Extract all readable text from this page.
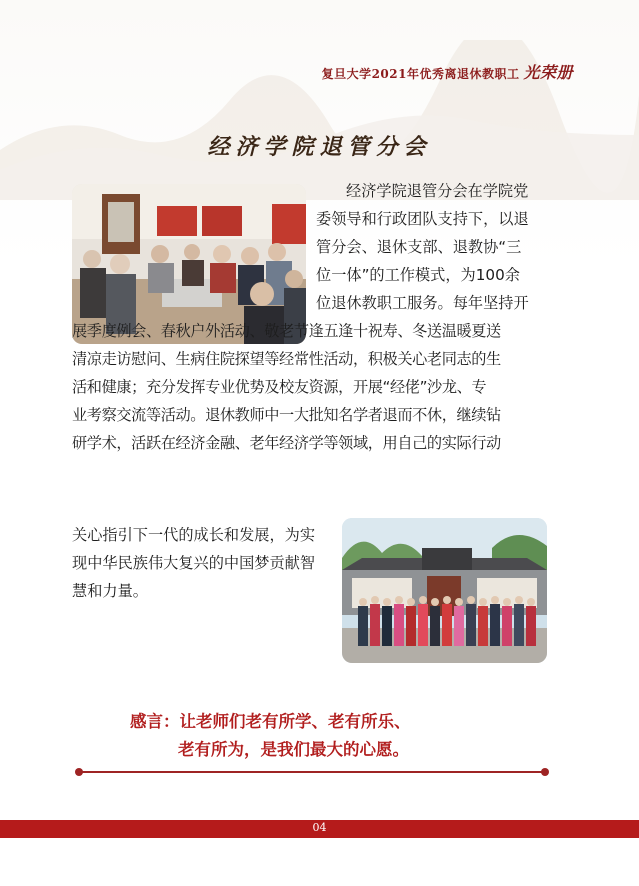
复旦大学2021年优秀离退休教职工 光荣册
经济学院退管分会
经济学院退管分会在学院党
委领导和行政团队支持下，以退
管分会、退休支部、退教协“三
位一体”的工作模式，为100余
位退休教职工服务。每年坚持开
展季度例会、春秋户外活动、敬老节逢五逢十祝寿、冬送温暖夏送
清凉走访慰问、生病住院探望等经常性活动，积极关心老同志的生
活和健康；充分发挥专业优势及校友资源，开展“经佬”沙龙、专
业考察交流等活动。退休教师中一大批知名学者退而不休，继续钻
研学术，活跃在经济金融、老年经济学等领域，用自己的实际行动
关心指引下一代的成长和发展，为实
现中华民族伟大复兴的中国梦贡献智
慧和力量。
感言：让老师们老有所学、老有所乐、
老有所为，是我们最大的心愿。
04
